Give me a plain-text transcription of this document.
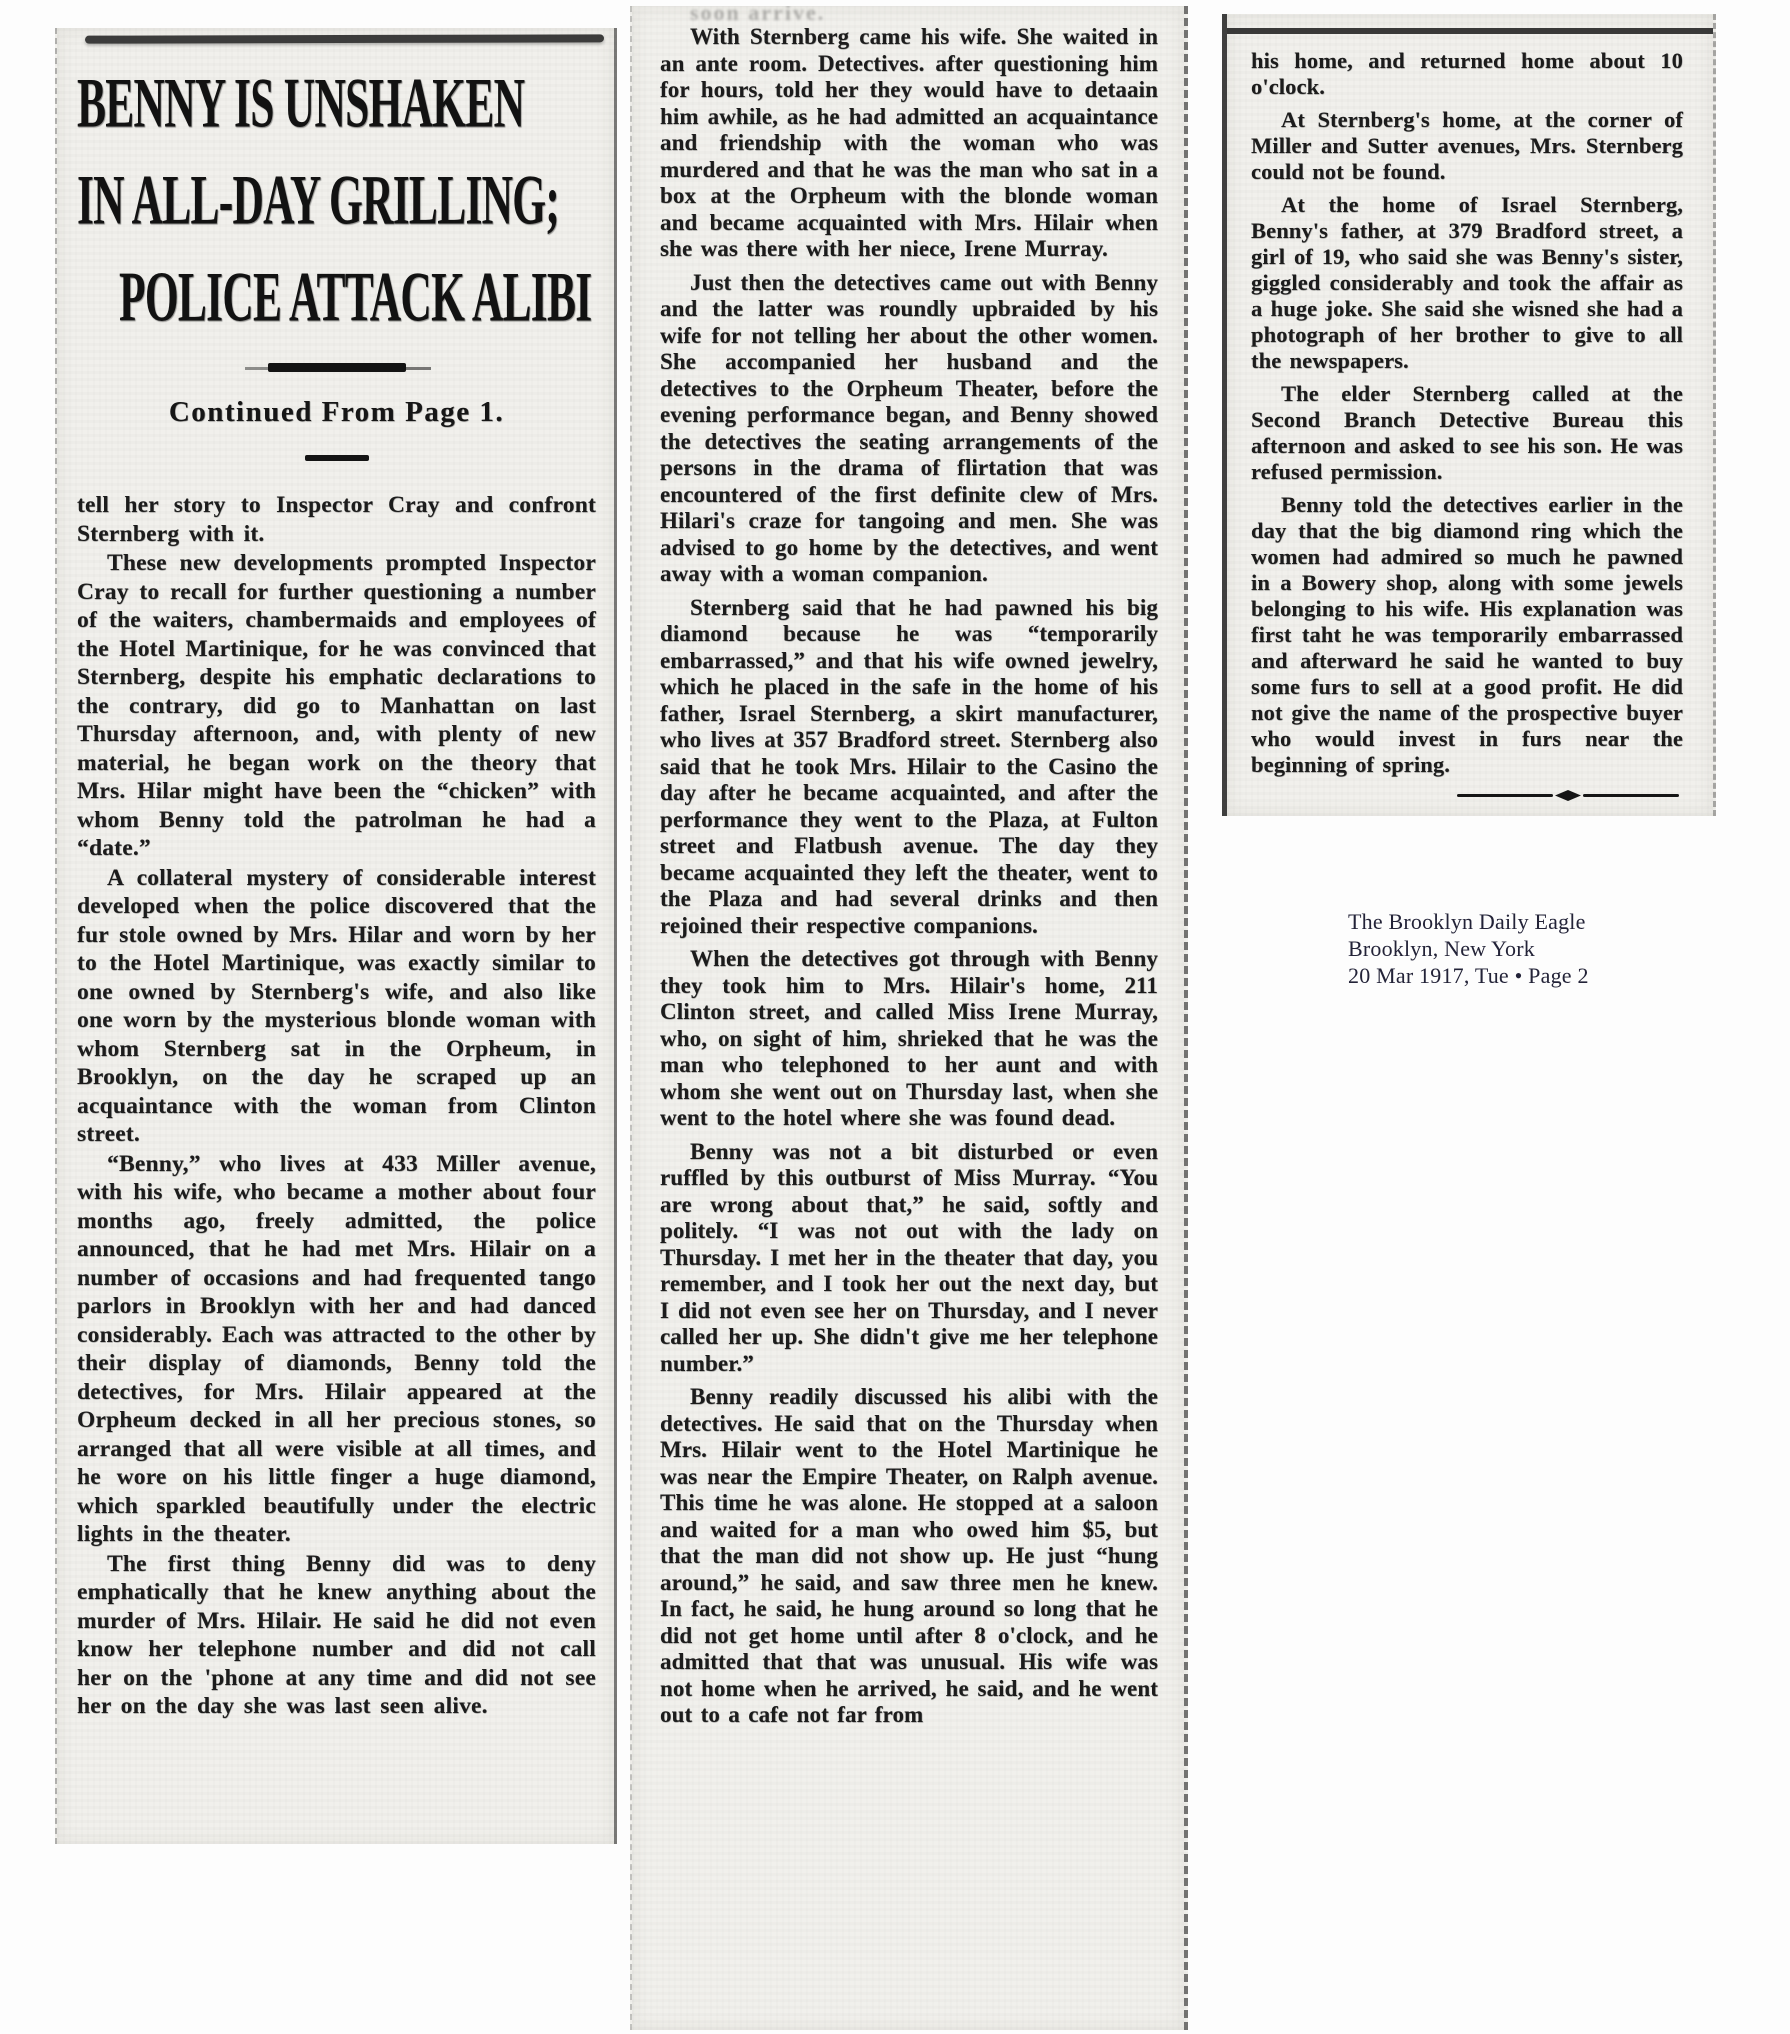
BENNY IS UNSHAKEN
IN ALL-DAY GRILLING;
POLICE ATTACK ALIBI
Continued From Page 1.

tell her story to Inspector Cray and confront Sternberg with it.

These new developments prompted Inspector Cray to recall for further questioning a number of the waiters, chambermaids and employees of the Hotel Martinique, for he was convinced that Sternberg, despite his emphatic declarations to the contrary, did go to Manhattan on last Thursday afternoon, and, with plenty of new material, he began work on the theory that Mrs. Hilar might have been the “chicken” with whom Benny told the patrolman he had a “date.”

A collateral mystery of considerable interest developed when the police discovered that the fur stole owned by Mrs. Hilar and worn by her to the Hotel Martinique, was exactly similar to one owned by Sternberg's wife, and also like one worn by the mysterious blonde woman with whom Sternberg sat in the Orpheum, in Brooklyn, on the day he scraped up an acquaintance with the woman from Clinton street.

“Benny,” who lives at 433 Miller avenue, with his wife, who became a mother about four months ago, freely admitted, the police announced, that he had met Mrs. Hilair on a number of occasions and had frequented tango parlors in Brooklyn with her and had danced considerably. Each was attracted to the other by their display of diamonds, Benny told the detectives, for Mrs. Hilair appeared at the Orpheum decked in all her precious stones, so arranged that all were visible at all times, and he wore on his little finger a huge diamond, which sparkled beautifully under the electric lights in the theater.

The first thing Benny did was to deny emphatically that he knew anything about the murder of Mrs. Hilair. He said he did not even know her telephone number and did not call her on the 'phone at any time and did not see her on the day she was last seen alive.

soon arrive.

With Sternberg came his wife. She waited in an ante room. Detectives. after questioning him for hours, told her they would have to detaain him awhile, as he had admitted an acquaintance and friendship with the woman who was murdered and that he was the man who sat in a box at the Orpheum with the blonde woman and became acquainted with Mrs. Hilair when she was there with her niece, Irene Murray.

Just then the detectives came out with Benny and the latter was roundly upbraided by his wife for not telling her about the other women. She accompanied her husband and the detectives to the Orpheum Theater, before the evening performance began, and Benny showed the detectives the seating arrangements of the persons in the drama of flirtation that was encountered of the first definite clew of Mrs. Hilari's craze for tangoing and men. She was advised to go home by the detectives, and went away with a woman companion.

Sternberg said that he had pawned his big diamond because he was “temporarily embarrassed,” and that his wife owned jewelry, which he placed in the safe in the home of his father, Israel Sternberg, a skirt manufacturer, who lives at 357 Bradford street. Sternberg also said that he took Mrs. Hilair to the Casino the day after he became acquainted, and after the performance they went to the Plaza, at Fulton street and Flatbush avenue. The day they became acquainted they left the theater, went to the Plaza and had several drinks and then rejoined their respective companions.

When the detectives got through with Benny they took him to Mrs. Hilair's home, 211 Clinton street, and called Miss Irene Murray, who, on sight of him, shrieked that he was the man who telephoned to her aunt and with whom she went out on Thursday last, when she went to the hotel where she was found dead.

Benny was not a bit disturbed or even ruffled by this outburst of Miss Murray. “You are wrong about that,” he said, softly and politely. “I was not out with the lady on Thursday. I met her in the theater that day, you remember, and I took her out the next day, but I did not even see her on Thursday, and I never called her up. She didn't give me her telephone number.”

Benny readily discussed his alibi with the detectives. He said that on the Thursday when Mrs. Hilair went to the Hotel Martinique he was near the Empire Theater, on Ralph avenue. This time he was alone. He stopped at a saloon and waited for a man who owed him $5, but that the man did not show up. He just “hung around,” he said, and saw three men he knew. In fact, he said, he hung around so long that he did not get home until after 8 o'clock, and he admitted that that was unusual. His wife was not home when he arrived, he said, and he went out to a cafe not far from

his home, and returned home about 10 o'clock.

At Sternberg's home, at the corner of Miller and Sutter avenues, Mrs. Sternberg could not be found.

At the home of Israel Sternberg, Benny's father, at 379 Bradford street, a girl of 19, who said she was Benny's sister, giggled considerably and took the affair as a huge joke. She said she wisned she had a photograph of her brother to give to all the newspapers.

The elder Sternberg called at the Second Branch Detective Bureau this afternoon and asked to see his son. He was refused permission.

Benny told the detectives earlier in the day that the big diamond ring which the women had admired so much he pawned in a Bowery shop, along with some jewels belonging to his wife. His explanation was first taht he was temporarily embarrassed and afterward he said he wanted to buy some furs to sell at a good profit. He did not give the name of the prospective buyer who would invest in furs near the beginning of spring.

The Brooklyn Daily Eagle
Brooklyn, New York
20 Mar 1917, Tue • Page 2
